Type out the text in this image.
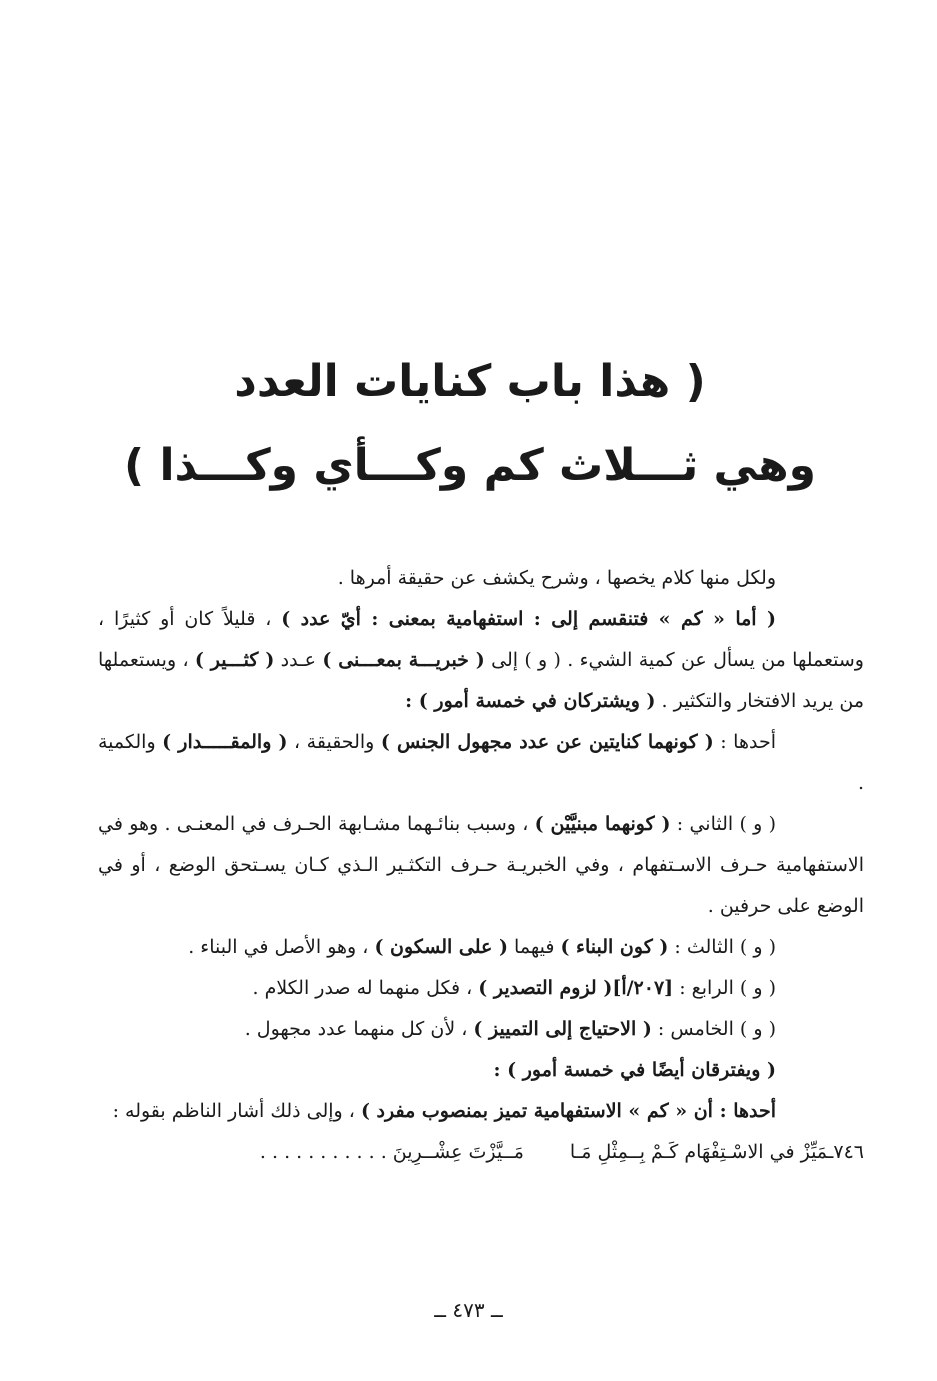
( هذا باب كنايات العدد
وهي ثـــلاث كم وكـــأي وكـــذا )

ولكل منها كلام يخصها ، وشرح يكشف عن حقيقة أمرها .

( أما « كم » فتنقسم إلى : استفهامية بمعنى : أيّ عدد ) ، قليلاً كان أو كثيرًا ، وستعملها من يسأل عن كمية الشيء . ( و ) إلى ( خبريـــة بمعـــنى ) عـدد ( كثـــير ) ، ويستعملها من يريد الافتخار والتكثير . ( ويشتركان في خمسة أمور ) :

أحدها : ( كونهما كنايتين عن عدد مجهول الجنس ) والحقيقة ، ( والمقـــــدار ) والكمية .

( و ) الثاني : ( كونهما مبنيَّيْن ) ، وسبب بنائـهما مشـابهة الحـرف في المعنـى . وهو في الاستفهامية حـرف الاسـتفهام ، وفي الخبريـة حـرف التكثـير الـذي كـان يسـتحق الوضع ، أو في الوضع على حرفين .

( و ) الثالث : ( كون البناء ) فيهما ( على السكون ) ، وهو الأصل في البناء .

( و ) الرابع : [٢٠٧/أ]( لزوم التصدير ) ، فكل منهما له صدر الكلام .

( و ) الخامس : ( الاحتياج إلى التمييز ) ، لأن كل منهما عدد مجهول .

( ويفترقان أيضًا في خمسة أمور ) :

أحدها : أن « كم » الاستفهامية تميز بمنصوب مفرد ) ، وإلى ذلك أشار الناظم بقوله :

٧٤٦ـمَيِّزْ في الاسْـتِفْهَام كَـمْ بِــمِثْلِ مَـا
مَــيَّزْتَ عِشْــرِينَ . . . . . . . . . . .
ــ ٤٧٣ ــ
